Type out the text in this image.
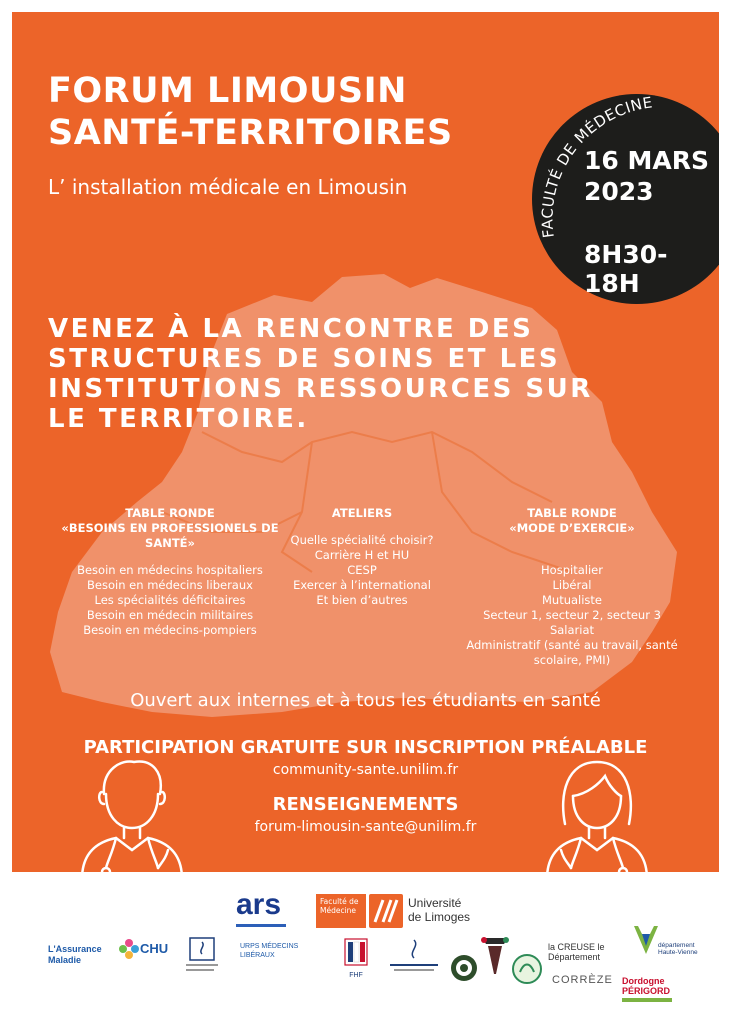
FORUM LIMOUSIN
SANTÉ-TERRITOIRES
L’ installation médicale en Limousin
FACULTÉ DE MÉDECINE
16 MARS
2023
8H30-18H
VENEZ À LA RENCONTRE DES
STRUCTURES DE SOINS ET LES
INSTITUTIONS RESSOURCES SUR
LE TERRITOIRE.
TABLE RONDE
«BESOINS EN PROFESSIONELS DE
SANTÉ»
Besoin en médecins hospitaliers
Besoin en médecins liberaux
Les spécialités déficitaires
Besoin en médecin militaires
Besoin en médecins-pompiers
ATELIERS
Quelle spécialité choisir?
Carrière H et HU
CESP
Exercer à l’international
Et bien d’autres
TABLE RONDE
«MODE D’EXERCIE»
Hospitalier
Libéral
Mutualiste
Secteur 1, secteur 2, secteur 3
Salariat
Administratif (santé au travail, santé
scolaire, PMI)
Ouvert aux internes et à tous les étudiants en santé
PARTICIPATION GRATUITE SUR INSCRIPTION PRÉALABLE
community-sante.unilim.fr
RENSEIGNEMENTS
forum-limousin-sante@unilim.fr
ars	Faculté de Médecine
Université
de Limoges
L'Assurance Maladie
CHU	URPS MÉDECINS LIBÉRAUX
FHF
la CREUSE le Département
CORRÈZE
département Haute-Vienne
Dordogne PÉRIGORD
